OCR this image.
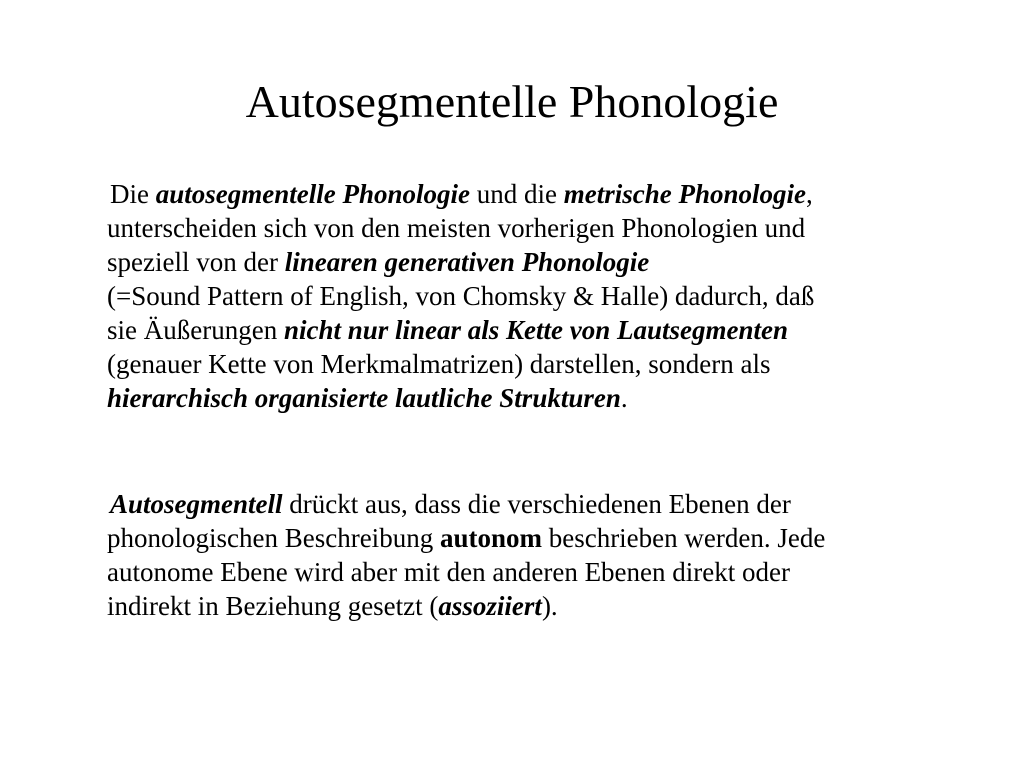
Autosegmentelle Phonologie

Die autosegmentelle Phonologie und die metrische Phonologie,
unterscheiden sich von den meisten vorherigen Phonologien und
speziell von der linearen generativen Phonologie
(=Sound Pattern of English, von Chomsky & Halle) dadurch, daß
sie Äußerungen nicht nur linear als Kette von Lautsegmenten
(genauer Kette von Merkmalmatrizen) darstellen, sondern als
hierarchisch organisierte lautliche Strukturen.

Autosegmentell drückt aus, dass die verschiedenen Ebenen der
phonologischen Beschreibung autonom beschrieben werden. Jede
autonome Ebene wird aber mit den anderen Ebenen direkt oder
indirekt in Beziehung gesetzt (assoziiert).
